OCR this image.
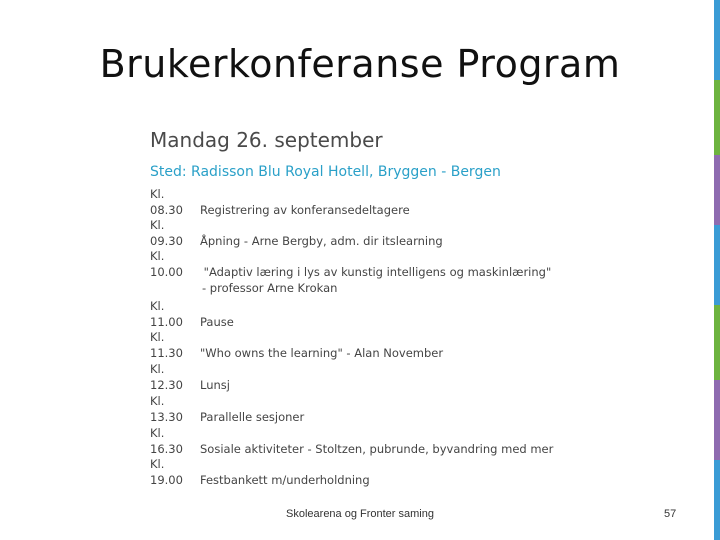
Brukerkonferanse Program
Mandag 26. september
Sted: Radisson Blu Royal Hotell, Bryggen - Bergen
Kl. 08.30 Registrering av konferansedeltagere
Kl. 09.30 Åpning - Arne Bergby, adm. dir itslearning
Kl. 10.00 "Adaptiv læring i lys av kunstig intelligens og maskinlæring"
- professor Arne Krokan
Kl. 11.00 Pause
Kl. 11.30 "Who owns the learning" - Alan November
Kl. 12.30 Lunsj
Kl. 13.30 Parallelle sesjoner
Kl. 16.30 Sosiale aktiviteter - Stoltzen, pubrunde, byvandring med mer
Kl. 19.00 Festbankett m/underholdning
Skolearena og Fronter saming	57
